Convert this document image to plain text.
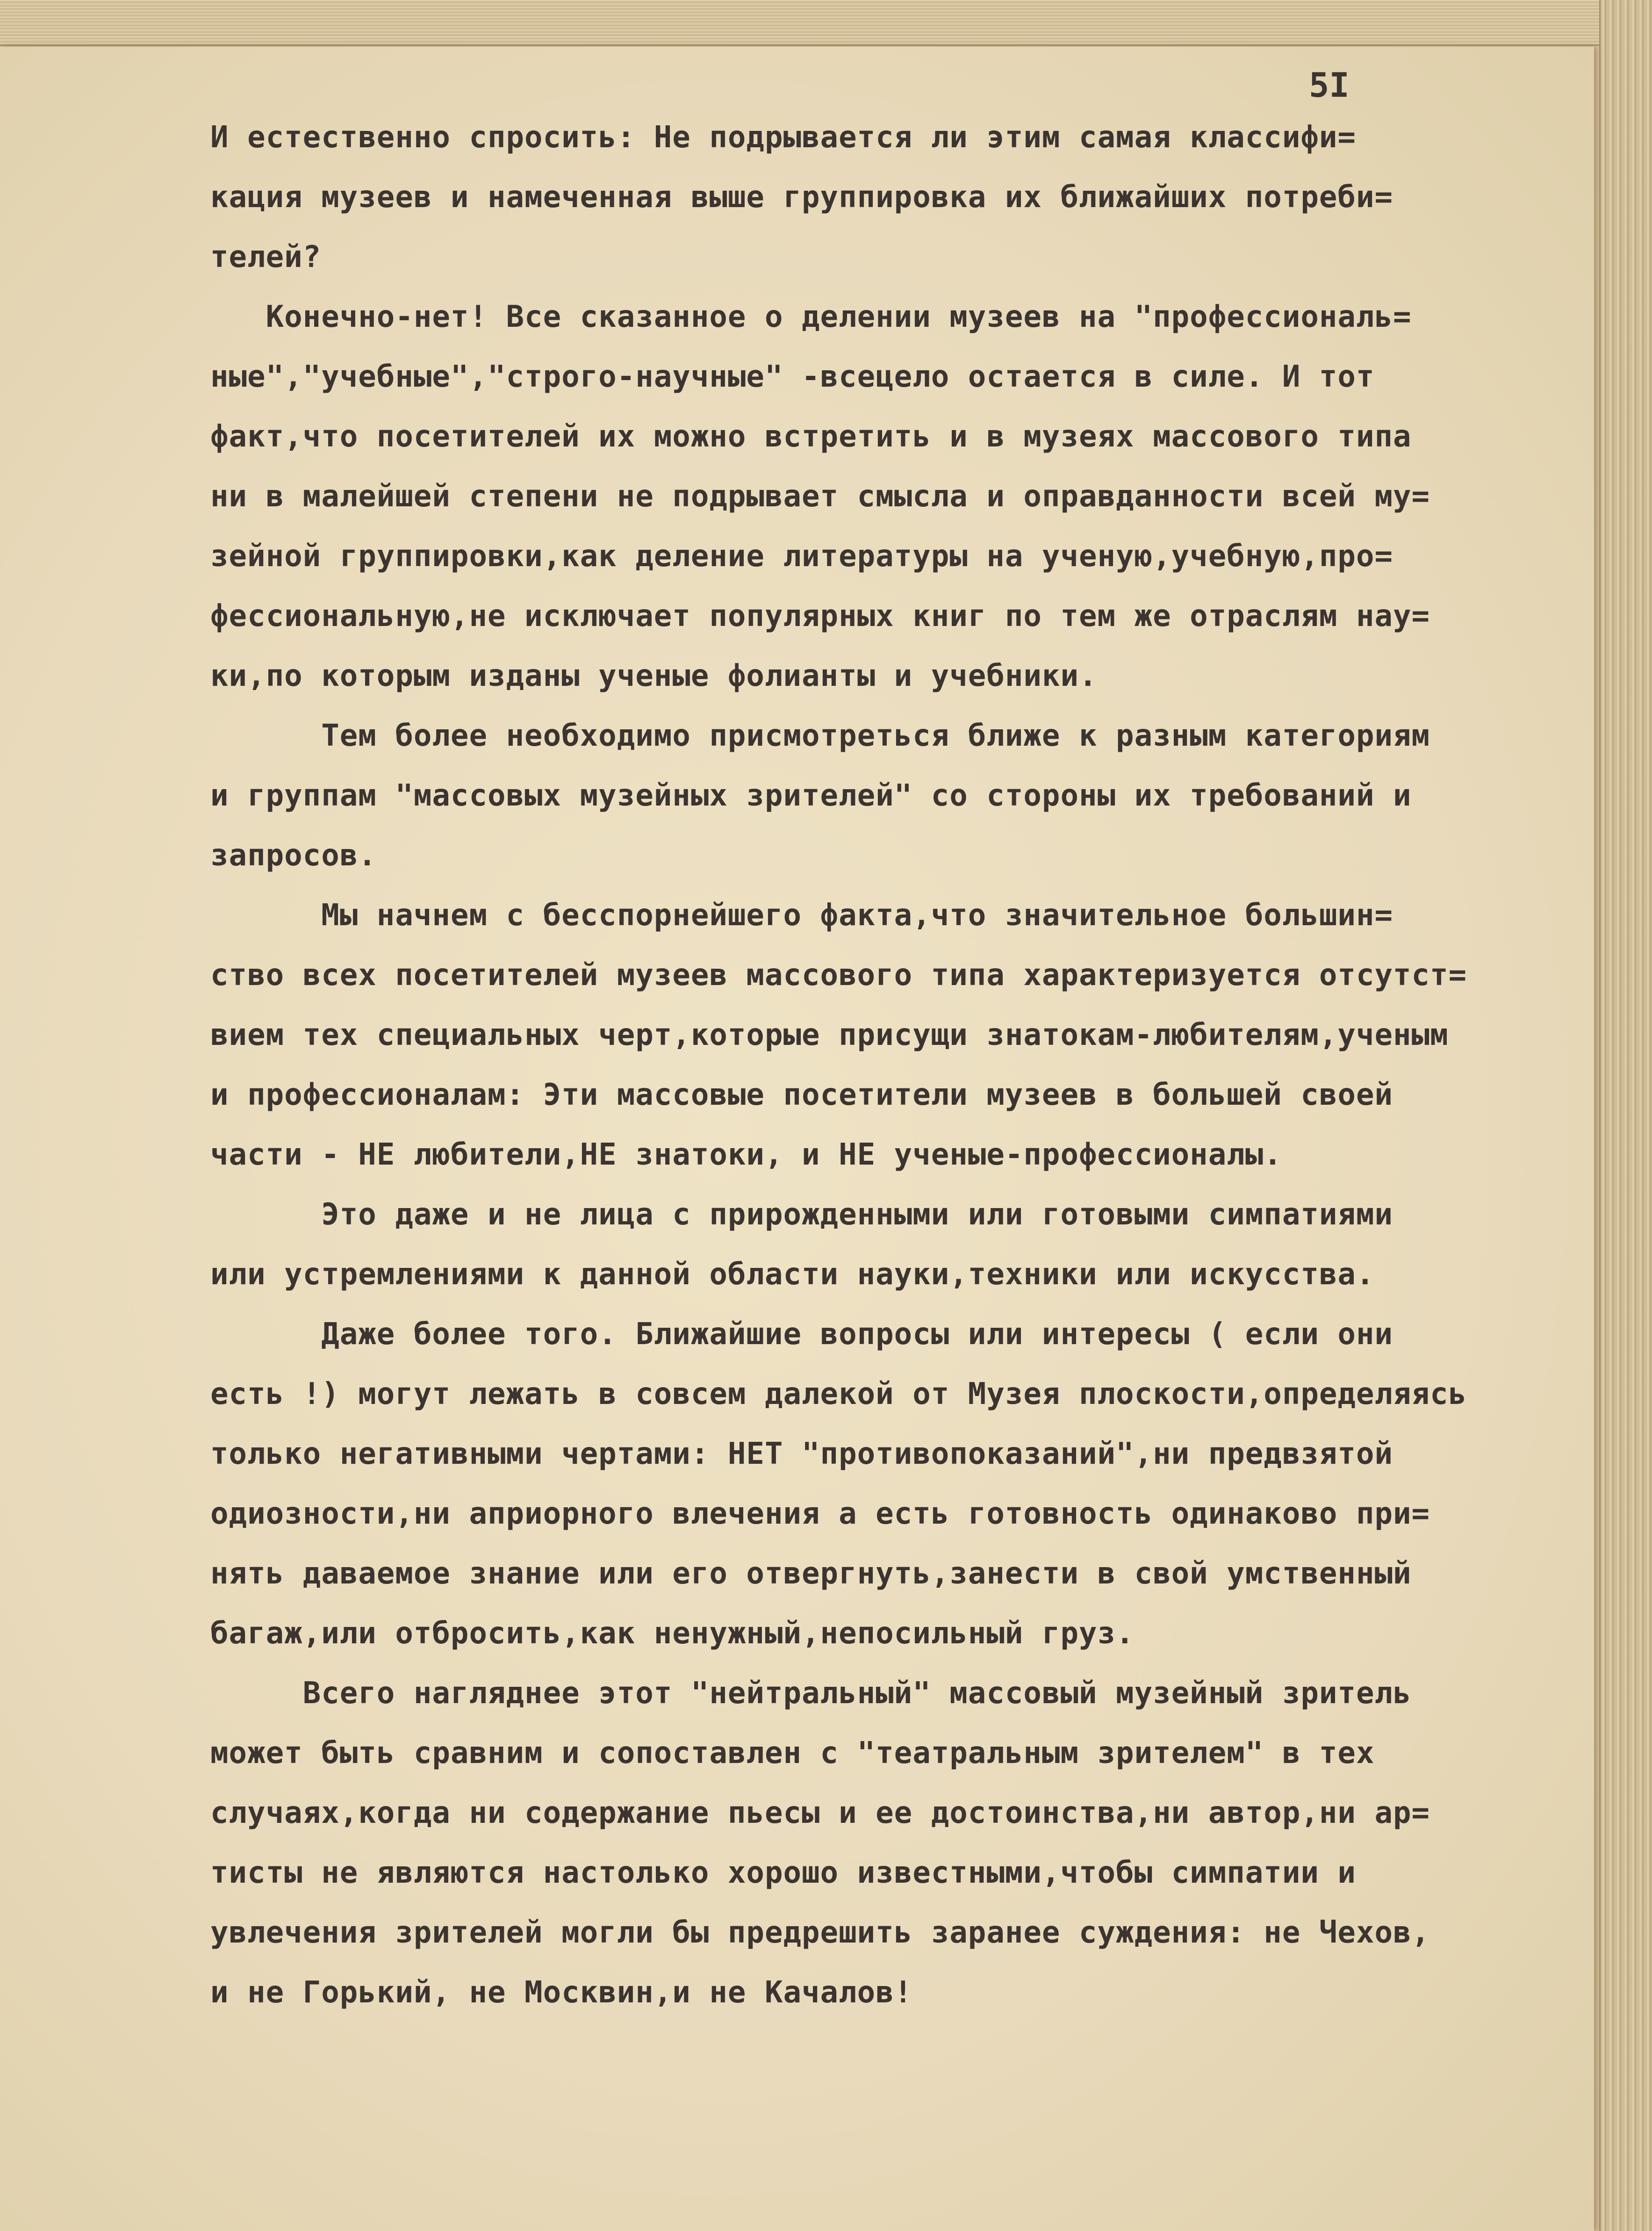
5I
И естественно спросить: Не подрывается ли этим самая классифи=
кация музеев и намеченная выше группировка их ближайших потреби=
телей?
Конечно-нет! Все сказанное о делении музеев на "профессиональ=
ные","учебные","строго-научные" -всецело остается в силе. И тот
факт,что посетителей их можно встретить и в музеях массового типа
ни в малейшей степени не подрывает смысла и оправданности всей му=
зейной группировки,как деление литературы на ученую,учебную,про=
фессиональную,не исключает популярных книг по тем же отраслям нау=
ки,по которым изданы ученые фолианты и учебники.
Тем более необходимо присмотреться ближе к разным категориям
и группам "массовых музейных зрителей" со стороны их требований и
запросов.
Мы начнем с бесспорнейшего факта,что значительное большин=
ство всех посетителей музеев массового типа характеризуется отсутст=
вием тех специальных черт,которые присущи знатокам-любителям,ученым
и профессионалам: Эти массовые посетители музеев в большей своей
части - НЕ любители,НЕ знатоки, и НЕ ученые-профессионалы.
Это даже и не лица с прирожденными или готовыми симпатиями
или устремлениями к данной области науки,техники или искусства.
Даже более того. Ближайшие вопросы или интересы ( если они
есть !) могут лежать в совсем далекой от Музея плоскости,определяясь
только негативными чертами: НЕТ "противопоказаний",ни предвзятой
одиозности,ни априорного влечения а есть готовность одинаково при=
нять даваемое знание или его отвергнуть,занести в свой умственный
багаж,или отбросить,как ненужный,непосильный груз.
Всего нагляднее этот "нейтральный" массовый музейный зритель
может быть сравним и сопоставлен с "театральным зрителем" в тех
случаях,когда ни содержание пьесы и ее достоинства,ни автор,ни ар=
тисты не являются настолько хорошо известными,чтобы симпатии и
увлечения зрителей могли бы предрешить заранее суждения: не Чехов,
и не Горький, не Москвин,и не Качалов!
